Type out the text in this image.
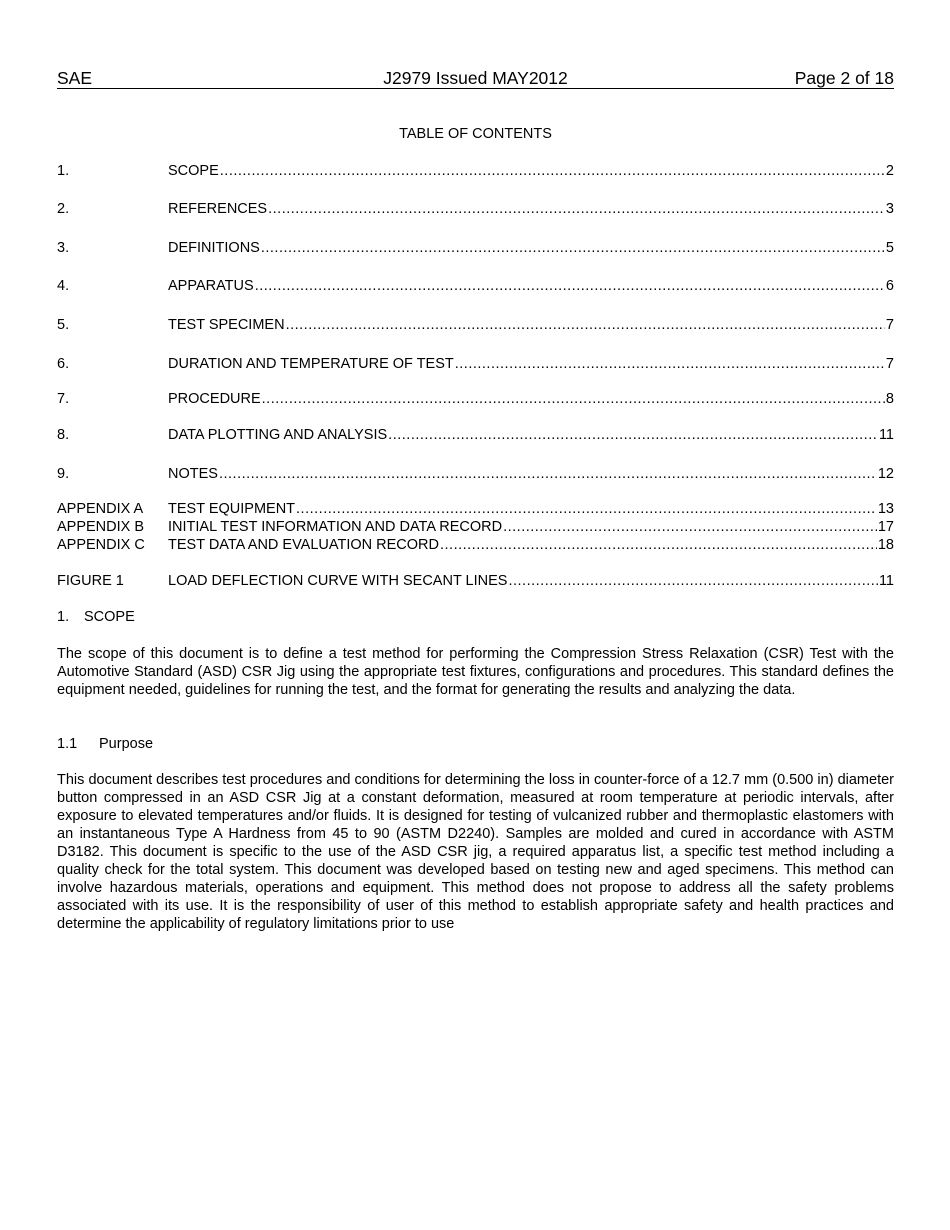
SAE	J2979 Issued MAY2012	Page 2 of 18
TABLE OF CONTENTS
1.	SCOPE .....	2
2.	REFERENCES .....	3
3.	DEFINITIONS .....	5
4.	APPARATUS .....	6
5.	TEST SPECIMEN .....	7
6.	DURATION AND TEMPERATURE OF TEST .....	7
7.	PROCEDURE .....	8
8.	DATA PLOTTING AND ANALYSIS .....	11
9.	NOTES .....	12
APPENDIX A TEST EQUIPMENT .....	13
APPENDIX B INITIAL TEST INFORMATION AND DATA RECORD .....	17
APPENDIX C TEST DATA AND EVALUATION RECORD .....	18
FIGURE 1	LOAD DEFLECTION CURVE WITH SECANT LINES .....	11
1. SCOPE

The scope of this document is to define a test method for performing the Compression Stress Relaxation (CSR) Test with the Automotive Standard (ASD) CSR Jig using the appropriate test fixtures, configurations and procedures. This standard defines the equipment needed, guidelines for running the test, and the format for generating the results and analyzing the data.

1.1 Purpose

This document describes test procedures and conditions for determining the loss in counter-force of a 12.7 mm (0.500 in) diameter button compressed in an ASD CSR Jig at a constant deformation, measured at room temperature at periodic intervals, after exposure to elevated temperatures and/or fluids. It is designed for testing of vulcanized rubber and thermoplastic elastomers with an instantaneous Type A Hardness from 45 to 90 (ASTM D2240). Samples are molded and cured in accordance with ASTM D3182. This document is specific to the use of the ASD CSR jig, a required apparatus list, a specific test method including a quality check for the total system. This document was developed based on testing new and aged specimens. This method can involve hazardous materials, operations and equipment. This method does not propose to address all the safety problems associated with its use. It is the responsibility of user of this method to establish appropriate safety and health practices and determine the applicability of regulatory limitations prior to use
